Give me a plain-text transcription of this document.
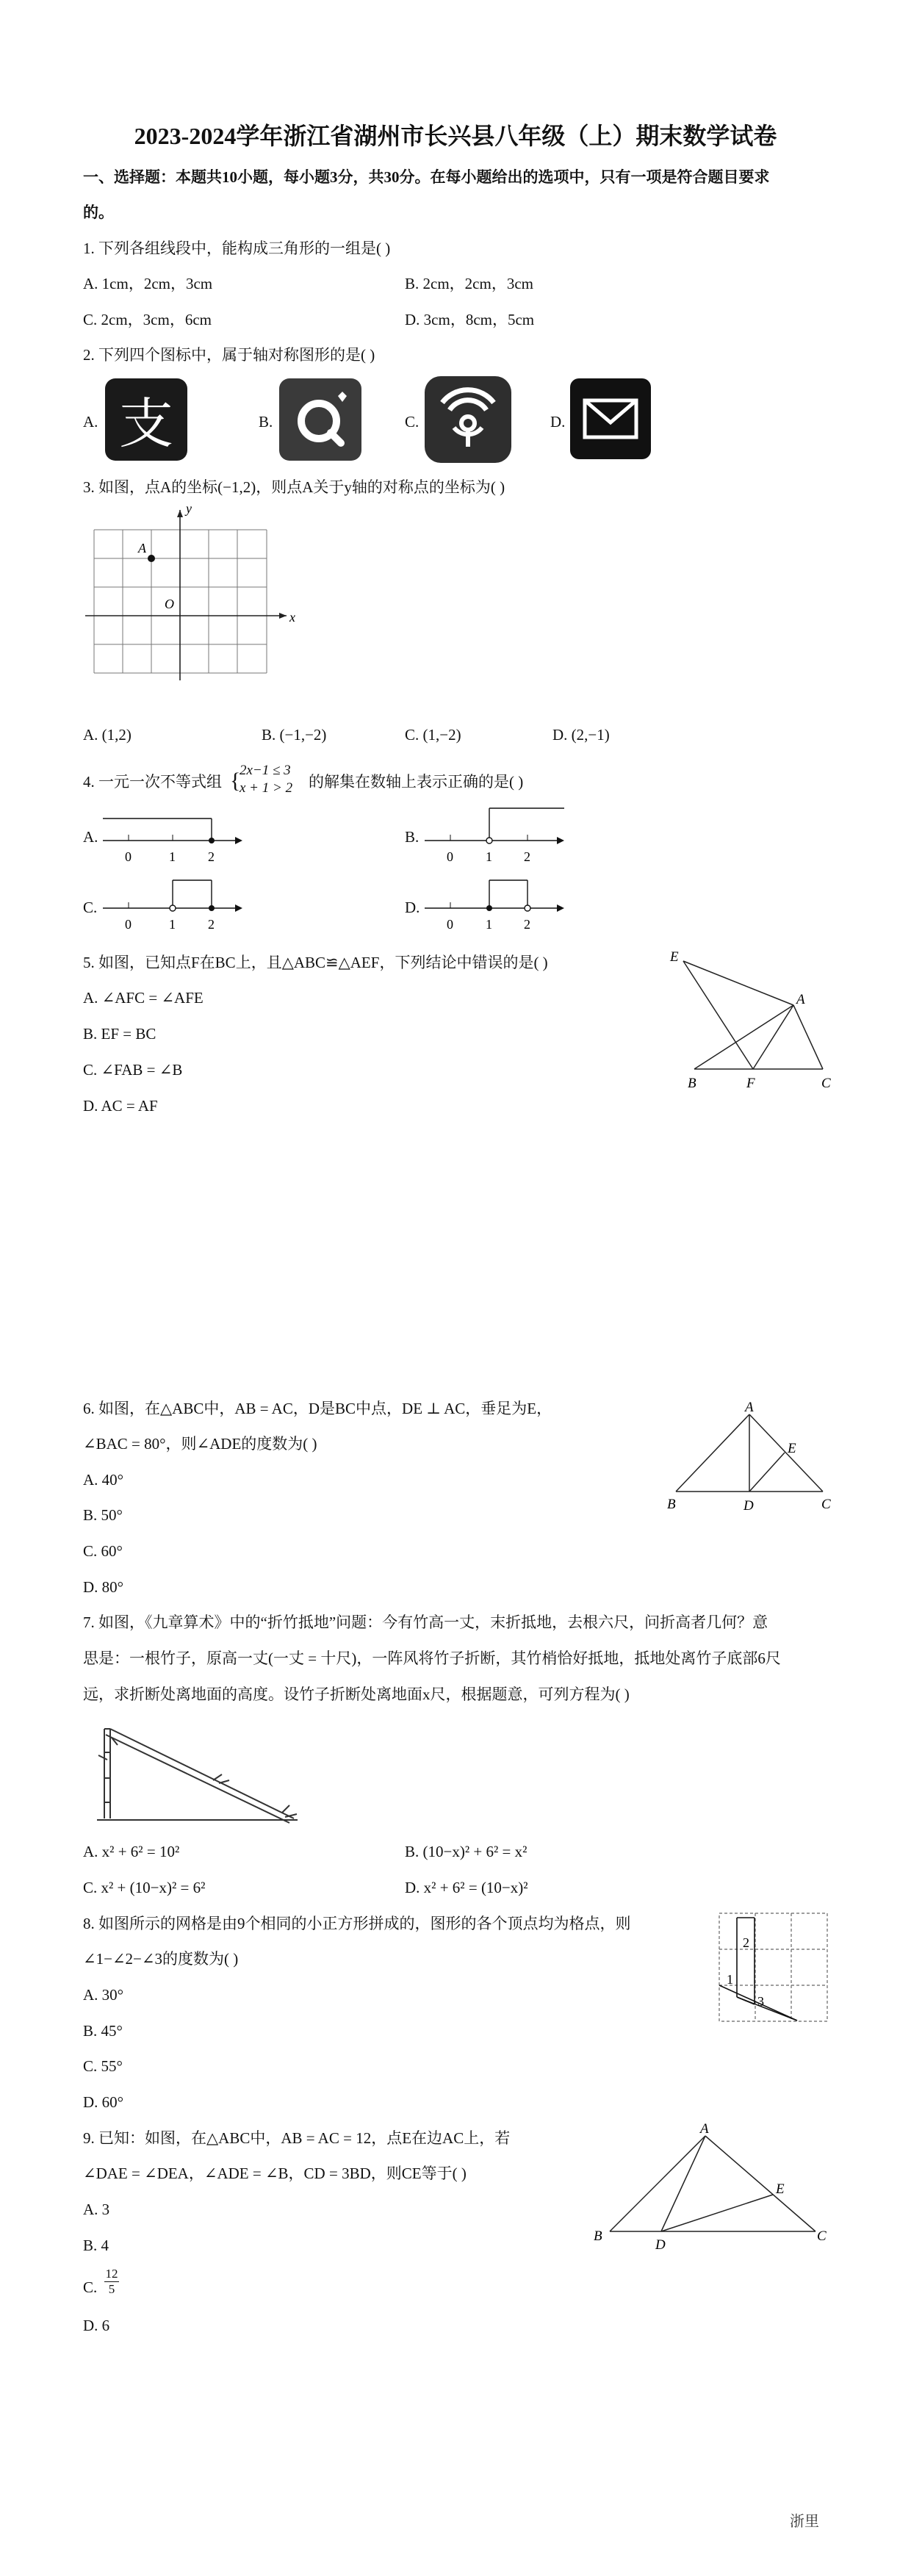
2023-2024学年浙江省湖州市长兴县八年级（上）期末数学试卷
一、选择题：本题共10小题，每小题3分，共30分。在每小题给出的选项中，只有一项是符合题目要求
的。
1. 下列各组线段中，能构成三角形的一组是( )
A. 1cm，2cm，3cm	B. 2cm，2cm，3cm
C. 2cm，3cm，6cm	D. 3cm，8cm，5cm
2. 下列四个图标中，属于轴对称图形的是( )
A. 支	B.	C.	D.
3. 如图，点A的坐标(−1,2)，则点A关于y轴的对称点的坐标为( )
A
O
x
y
A. (1,2)	B. (−1,−2)	C. (1,−2)	D. (2,−1)
4. 一元一次不等式组 {
2x−1 ≤ 3
x + 1 > 2 的解集在数轴上表示正确的是( )
A.
0	1 2
B.
0 1 2
C.
0	1 2
D.
0 1 2
5. 如图，已知点F在BC上，且△ABC≌△AEF，下列结论中错误的是( )
A. ∠AFC = ∠AFE
B. EF = BC
C. ∠FAB = ∠B
D. AC = AF
E
A
B	F	C
6. 如图，在△ABC中，AB = AC，D是BC中点，DE ⊥ AC，垂足为E，
∠BAC = 80°，则∠ADE的度数为( )
A. 40°
B. 50°
C. 60°
D. 80°
A
E
B	D	C
7. 如图，《九章算术》中的“折竹抵地”问题：今有竹高一丈，末折抵地，去根六尺，问折高者几何？意
思是：一根竹子，原高一丈(一丈 = 十尺)，一阵风将竹子折断，其竹梢恰好抵地，抵地处离竹子底部6尺
远，求折断处离地面的高度。设竹子折断处离地面x尺，根据题意，可列方程为( )
A. x² + 6² = 10²	B. (10−x)² + 6² = x²
C. x² + (10−x)² = 6²	D. x² + 6² = (10−x)²
8. 如图所示的网格是由9个相同的小正方形拼成的，图形的各个顶点均为格点，则
∠1−∠2−∠3的度数为( )
A. 30°
B. 45°
C. 55°
D. 60°
2
1
3
9. 已知：如图，在△ABC中，AB = AC = 12，点E在边AC上，若
∠DAE = ∠DEA，∠ADE = ∠B，CD = 3BD，则CE等于( )
A. 3
B. 4
C. $\frac{12}{5}$
D. 6
A
E
B
D
C
浙里
